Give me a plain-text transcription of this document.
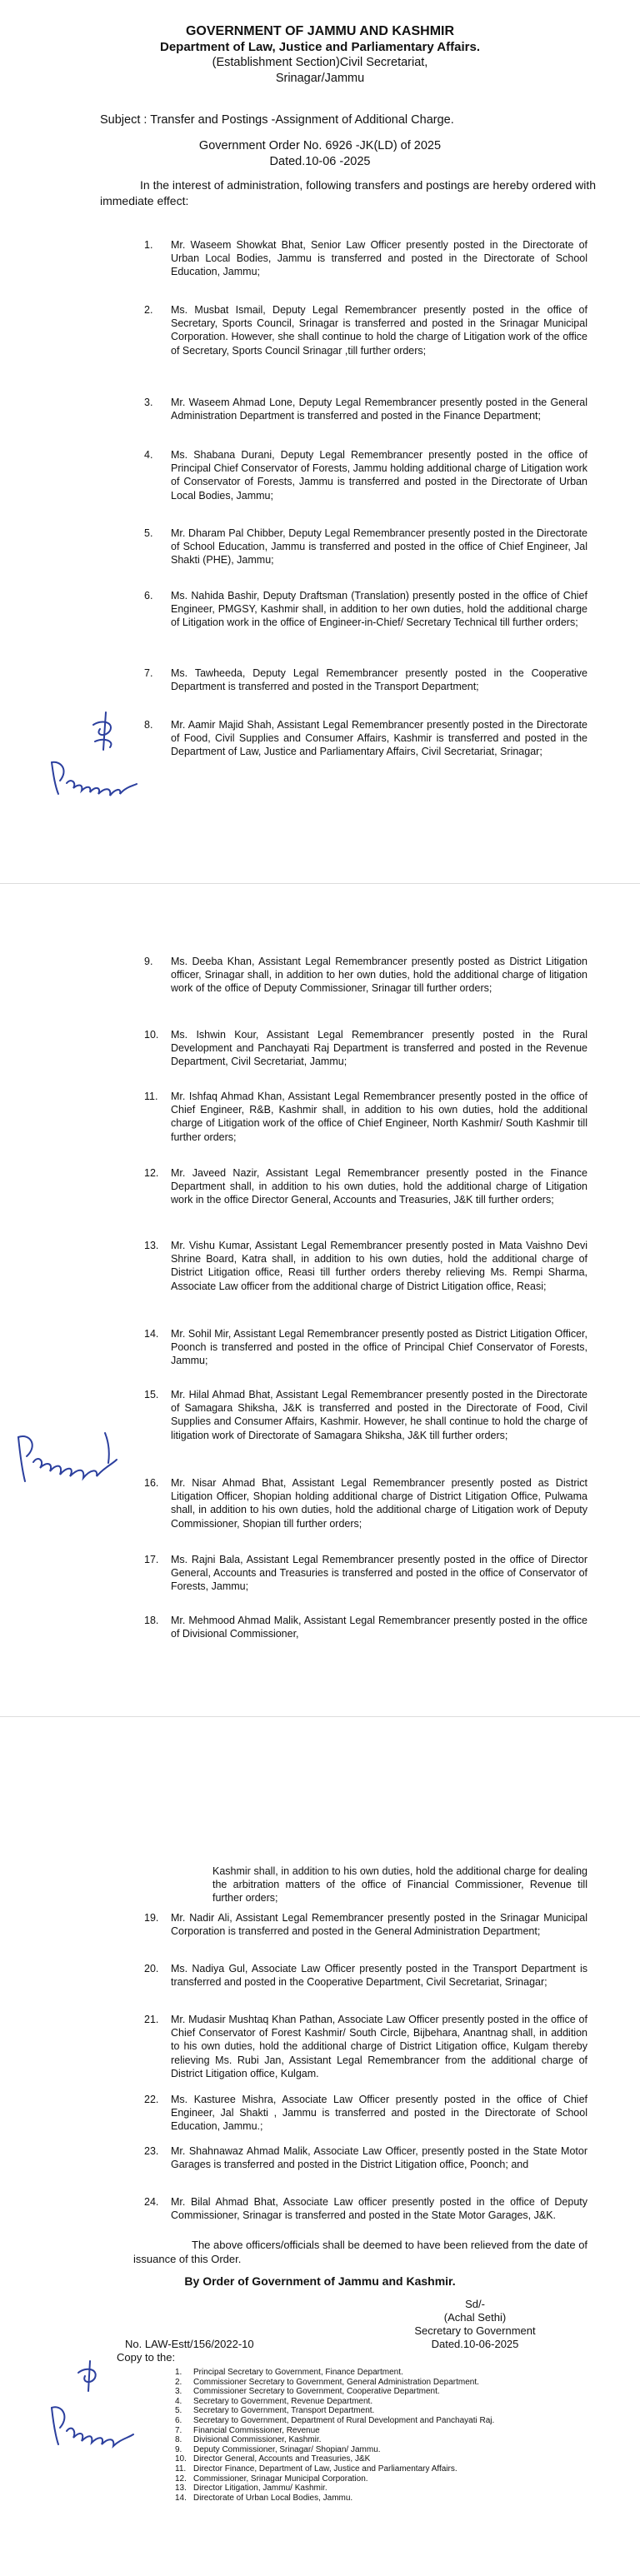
GOVERNMENT OF JAMMU AND KASHMIR
Department of Law, Justice and Parliamentary Affairs.
(Establishment Section)Civil Secretariat,
Srinagar/Jammu
Subject : Transfer and Postings -Assignment of Additional Charge.
Government Order No. 6926 -JK(LD) of 2025
Dated.10-06 -2025
In the interest of administration, following transfers and postings are hereby ordered with immediate effect:
1. Mr. Waseem Showkat Bhat, Senior Law Officer presently posted in the Directorate of Urban Local Bodies, Jammu is transferred and posted in the Directorate of School Education, Jammu;
2. Ms. Musbat Ismail, Deputy Legal Remembrancer presently posted in the office of Secretary, Sports Council, Srinagar is transferred and posted in the Srinagar Municipal Corporation. However, she shall continue to hold the charge of Litigation work of the office of Secretary, Sports Council Srinagar ,till further orders;
3. Mr. Waseem Ahmad Lone, Deputy Legal Remembrancer presently posted in the General Administration Department is transferred and posted in the Finance Department;
4. Ms. Shabana Durani, Deputy Legal Remembrancer presently posted in the office of Principal Chief Conservator of Forests, Jammu holding additional charge of Litigation work of Conservator of Forests, Jammu is transferred and posted in the Directorate of Urban Local Bodies, Jammu;
5. Mr. Dharam Pal Chibber, Deputy Legal Remembrancer presently posted in the Directorate of School Education, Jammu is transferred and posted in the office of Chief Engineer, Jal Shakti (PHE), Jammu;
6. Ms. Nahida Bashir, Deputy Draftsman (Translation) presently posted in the office of Chief Engineer, PMGSY, Kashmir shall, in addition to her own duties, hold the additional charge of Litigation work in the office of Engineer-in-Chief/ Secretary Technical till further orders;
7. Ms. Tawheeda, Deputy Legal Remembrancer presently posted in the Cooperative Department is transferred and posted in the Transport Department;
8. Mr. Aamir Majid Shah, Assistant Legal Remembrancer presently posted in the Directorate of Food, Civil Supplies and Consumer Affairs, Kashmir is transferred and posted in the Department of Law, Justice and Parliamentary Affairs, Civil Secretariat, Srinagar;
9. Ms. Deeba Khan, Assistant Legal Remembrancer presently posted as District Litigation officer, Srinagar shall, in addition to her own duties, hold the additional charge of litigation work of the office of Deputy Commissioner, Srinagar till further orders;
10. Ms. Ishwin Kour, Assistant Legal Remembrancer presently posted in the Rural Development and Panchayati Raj Department is transferred and posted in the Revenue Department, Civil Secretariat, Jammu;
11. Mr. Ishfaq Ahmad Khan, Assistant Legal Remembrancer presently posted in the office of Chief Engineer, R&B, Kashmir shall, in addition to his own duties, hold the additional charge of Litigation work of the office of Chief Engineer, North Kashmir/ South Kashmir till further orders;
12. Mr. Javeed Nazir, Assistant Legal Remembrancer presently posted in the Finance Department shall, in addition to his own duties, hold the additional charge of Litigation work in the office Director General, Accounts and Treasuries, J&K till further orders;
13. Mr. Vishu Kumar, Assistant Legal Remembrancer presently posted in Mata Vaishno Devi Shrine Board, Katra shall, in addition to his own duties, hold the additional charge of District Litigation office, Reasi till further orders thereby relieving Ms. Rempi Sharma, Associate Law officer from the additional charge of District Litigation office, Reasi;
14. Mr. Sohil Mir, Assistant Legal Remembrancer presently posted as District Litigation Officer, Poonch is transferred and posted in the office of Principal Chief Conservator of Forests, Jammu;
15. Mr. Hilal Ahmad Bhat, Assistant Legal Remembrancer presently posted in the Directorate of Samagara Shiksha, J&K is transferred and posted in the Directorate of Food, Civil Supplies and Consumer Affairs, Kashmir. However, he shall continue to hold the charge of litigation work of Directorate of Samagara Shiksha, J&K till further orders;
16. Mr. Nisar Ahmad Bhat, Assistant Legal Remembrancer presently posted as District Litigation Officer, Shopian holding additional charge of District Litigation Office, Pulwama shall, in addition to his own duties, hold the additional charge of Litigation work of Deputy Commissioner, Shopian till further orders;
17. Ms. Rajni Bala, Assistant Legal Remembrancer presently posted in the office of Director General, Accounts and Treasuries is transferred and posted in the office of Conservator of Forests, Jammu;
18. Mr. Mehmood Ahmad Malik, Assistant Legal Remembrancer presently posted in the office of Divisional Commissioner,
Kashmir shall, in addition to his own duties, hold the additional charge for dealing the arbitration matters of the office of Financial Commissioner, Revenue till further orders;
19. Mr. Nadir Ali, Assistant Legal Remembrancer presently posted in the Srinagar Municipal Corporation is transferred and posted in the General Administration Department;
20. Ms. Nadiya Gul, Associate Law Officer presently posted in the Transport Department is transferred and posted in the Cooperative Department, Civil Secretariat, Srinagar;
21. Mr. Mudasir Mushtaq Khan Pathan, Associate Law Officer presently posted in the office of Chief Conservator of Forest Kashmir/ South Circle, Bijbehara, Anantnag shall, in addition to his own duties, hold the additional charge of District Litigation office, Kulgam thereby relieving Ms. Rubi Jan, Assistant Legal Remembrancer from the additional charge of District Litigation office, Kulgam.
22. Ms. Kasturee Mishra, Associate Law Officer presently posted in the office of Chief Engineer, Jal Shakti , Jammu is transferred and posted in the Directorate of School Education, Jammu.;
23. Mr. Shahnawaz Ahmad Malik, Associate Law Officer, presently posted in the State Motor Garages is transferred and posted in the District Litigation office, Poonch; and
24. Mr. Bilal Ahmad Bhat, Associate Law officer presently posted in the office of Deputy Commissioner, Srinagar is transferred and posted in the State Motor Garages, J&K.
The above officers/officials shall be deemed to have been relieved from the date of issuance of this Order.
By Order of Government of Jammu and Kashmir.
Sd/-
(Achal Sethi)
Secretary to Government
Dated.10-06-2025
No. LAW-Estt/156/2022-10
Copy to the:
1. Principal Secretary to Government, Finance Department.
2. Commissioner Secretary to Government, General Administration Department.
3. Commissioner Secretary to Government, Cooperative Department.
4. Secretary to Government, Revenue Department.
5. Secretary to Government, Transport Department.
6. Secretary to Government, Department of Rural Development and Panchayati Raj.
7. Financial Commissioner, Revenue
8. Divisional Commissioner, Kashmir.
9. Deputy Commissioner, Srinagar/ Shopian/ Jammu.
10. Director General, Accounts and Treasuries, J&K
11. Director Finance, Department of Law, Justice and Parliamentary Affairs.
12. Commissioner, Srinagar Municipal Corporation.
13. Director Litigation, Jammu/ Kashmir.
14. Directorate of Urban Local Bodies, Jammu.
